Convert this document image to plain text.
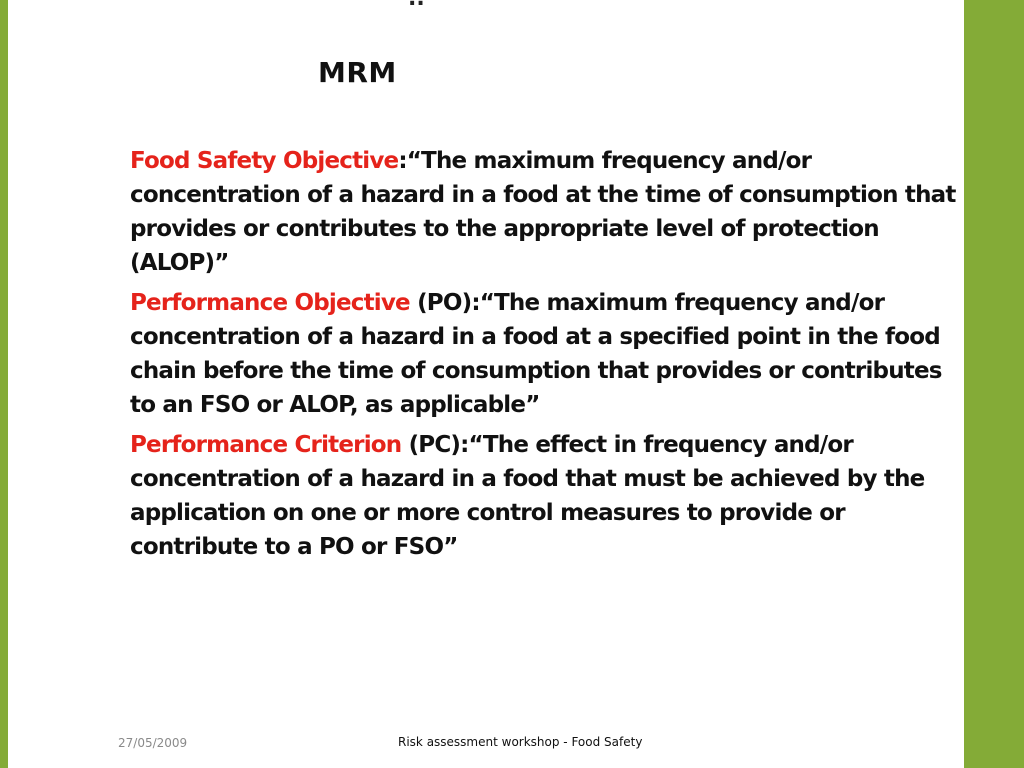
MRM

Food Safety Objective:“The maximum frequency and/or concentration of a hazard in a food at the time of consumption that provides or contributes to the appropriate level of protection (ALOP)”

Performance Objective (PO):“The maximum frequency and/or concentration of a hazard in a food at a specified point in the food chain before the time of consumption that provides or contributes to an FSO or ALOP, as applicable”

Performance Criterion (PC):“The effect in frequency and/or concentration of a hazard in a food that must be achieved by the application on one or more control measures to provide or contribute to a PO or FSO”

27/05/2009	Risk assessment workshop - Food Safety
